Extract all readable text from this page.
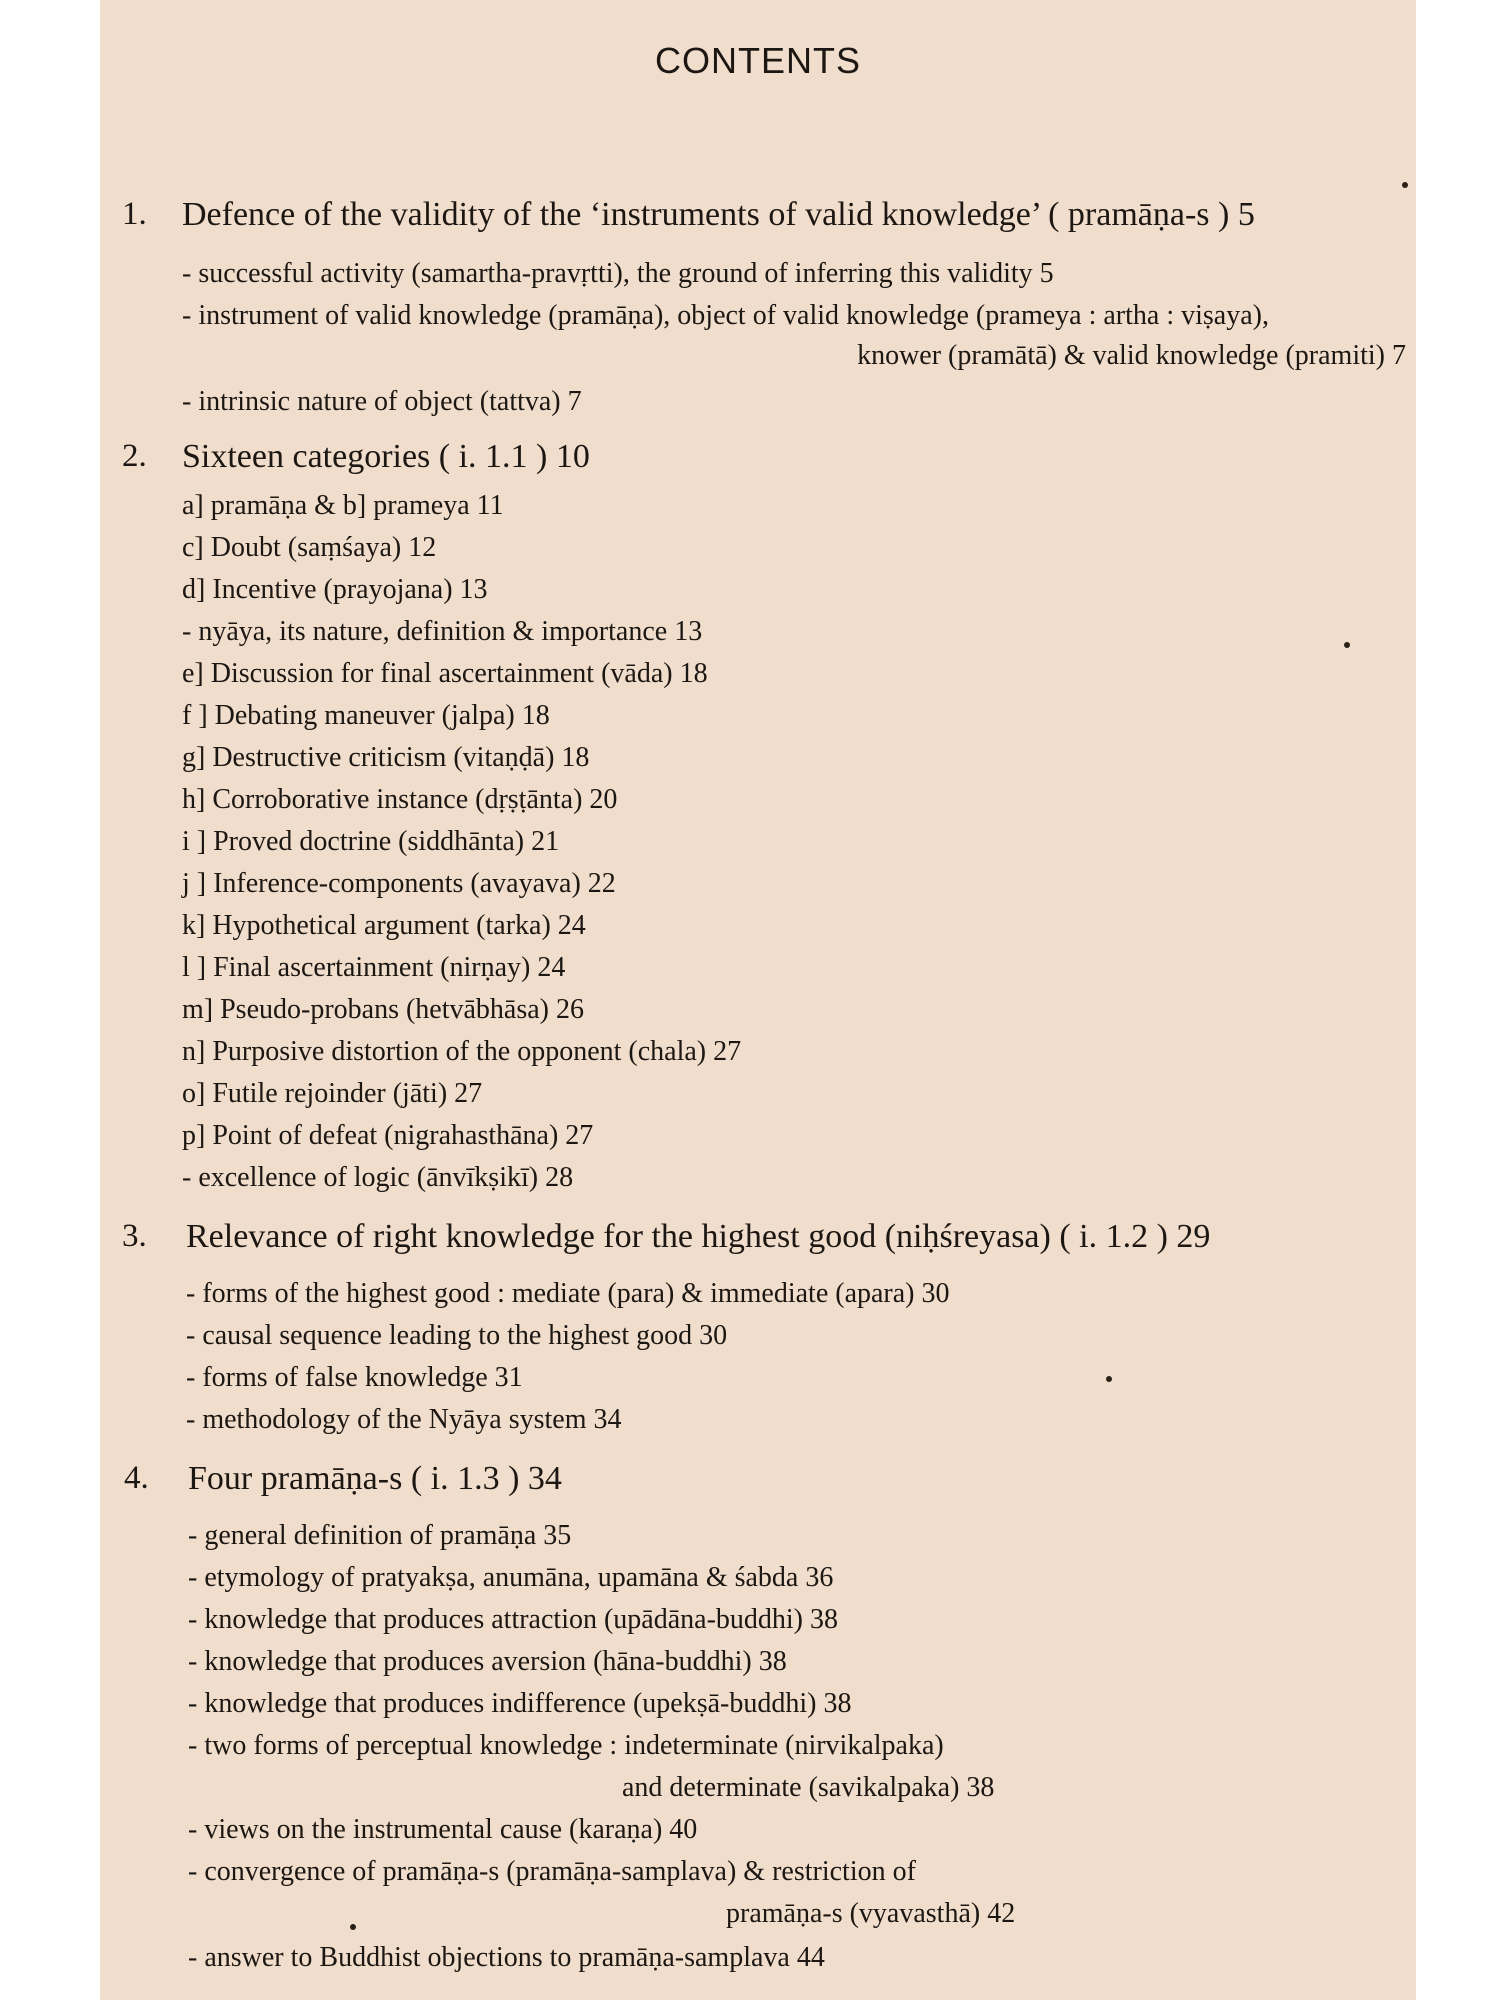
CONTENTS
1. Defence of the validity of the ‘instruments of valid knowledge’ ( pramāṇa-s ) 5
- successful activity (samartha-pravṛtti), the ground of inferring this validity 5
- instrument of valid knowledge (pramāṇa), object of valid knowledge (prameya : artha : viṣaya),
knower (pramātā) & valid knowledge (pramiti) 7
- intrinsic nature of object (tattva) 7
2. Sixteen categories ( i. 1.1 ) 10
a] pramāṇa & b] prameya 11
c] Doubt (saṃśaya) 12
d] Incentive (prayojana) 13
- nyāya, its nature, definition & importance 13
e] Discussion for final ascertainment (vāda) 18
f ] Debating maneuver (jalpa) 18
g] Destructive criticism (vitaṇḍā) 18
h] Corroborative instance (dṛṣṭānta) 20
i ] Proved doctrine (siddhānta) 21
j ] Inference-components (avayava) 22
k] Hypothetical argument (tarka) 24
l ] Final ascertainment (nirṇay) 24
m] Pseudo-probans (hetvābhāsa) 26
n] Purposive distortion of the opponent (chala) 27
o] Futile rejoinder (jāti) 27
p] Point of defeat (nigrahasthāna) 27
- excellence of logic (ānvīkṣikī) 28
3. Relevance of right knowledge for the highest good (niḥśreyasa) ( i. 1.2 ) 29
- forms of the highest good : mediate (para) & immediate (apara) 30
- causal sequence leading to the highest good 30
- forms of false knowledge 31
- methodology of the Nyāya system 34
4. Four pramāṇa-s ( i. 1.3 ) 34
- general definition of pramāṇa 35
- etymology of pratyakṣa, anumāna, upamāna & śabda 36
- knowledge that produces attraction (upādāna-buddhi) 38
- knowledge that produces aversion (hāna-buddhi) 38
- knowledge that produces indifference (upekṣā-buddhi) 38
- two forms of perceptual knowledge : indeterminate (nirvikalpaka)
and determinate (savikalpaka) 38
- views on the instrumental cause (karaṇa) 40
- convergence of pramāṇa-s (pramāṇa-samplava) & restriction of
pramāṇa-s (vyavasthā) 42
- answer to Buddhist objections to pramāṇa-samplava 44
